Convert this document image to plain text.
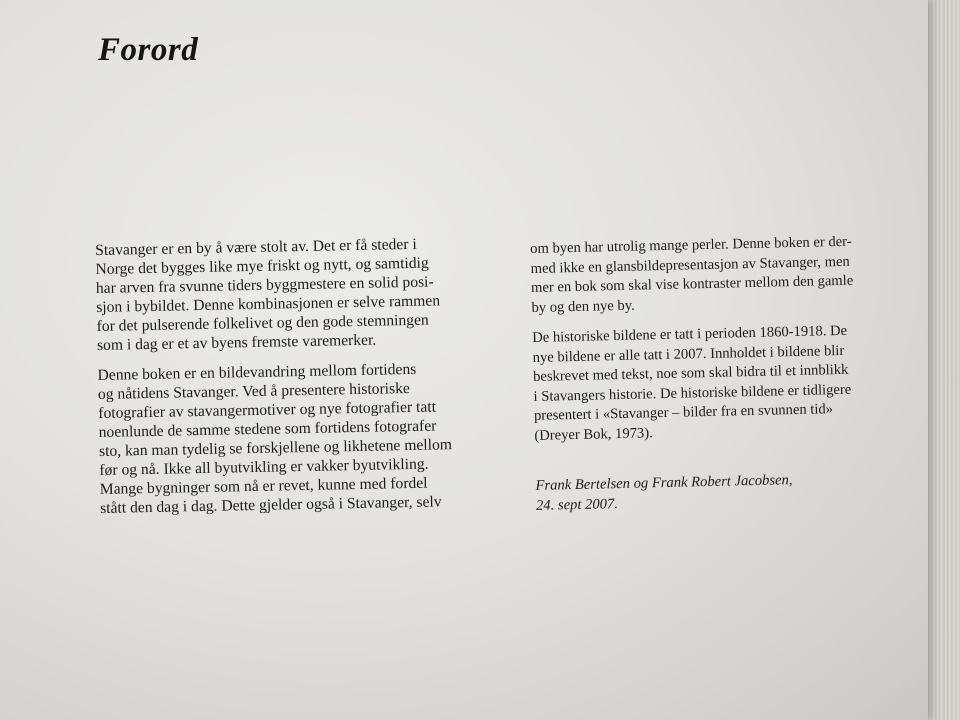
Forord

Stavanger er en by å være stolt av. Det er få steder i
Norge det bygges like mye friskt og nytt, og samtidig
har arven fra svunne tiders byggmestere en solid posi-
sjon i bybildet. Denne kombinasjonen er selve rammen
for det pulserende folkelivet og den gode stemningen
som i dag er et av byens fremste varemerker.

Denne boken er en bildevandring mellom fortidens
og nåtidens Stavanger. Ved å presentere historiske
fotografier av stavangermotiver og nye fotografier tatt
noenlunde de samme stedene som fortidens fotografer
sto, kan man tydelig se forskjellene og likhetene mellom
før og nå. Ikke all byutvikling er vakker byutvikling.
Mange bygninger som nå er revet, kunne med fordel
stått den dag i dag. Dette gjelder også i Stavanger, selv

om byen har utrolig mange perler. Denne boken er der-
med ikke en glansbildepresentasjon av Stavanger, men
mer en bok som skal vise kontraster mellom den gamle
by og den nye by.

De historiske bildene er tatt i perioden 1860-1918. De
nye bildene er alle tatt i 2007. Innholdet i bildene blir
beskrevet med tekst, noe som skal bidra til et innblikk
i Stavangers historie. De historiske bildene er tidligere
presentert i «Stavanger – bilder fra en svunnen tid»
(Dreyer Bok, 1973).

Frank Bertelsen og Frank Robert Jacobsen,
24. sept 2007.
